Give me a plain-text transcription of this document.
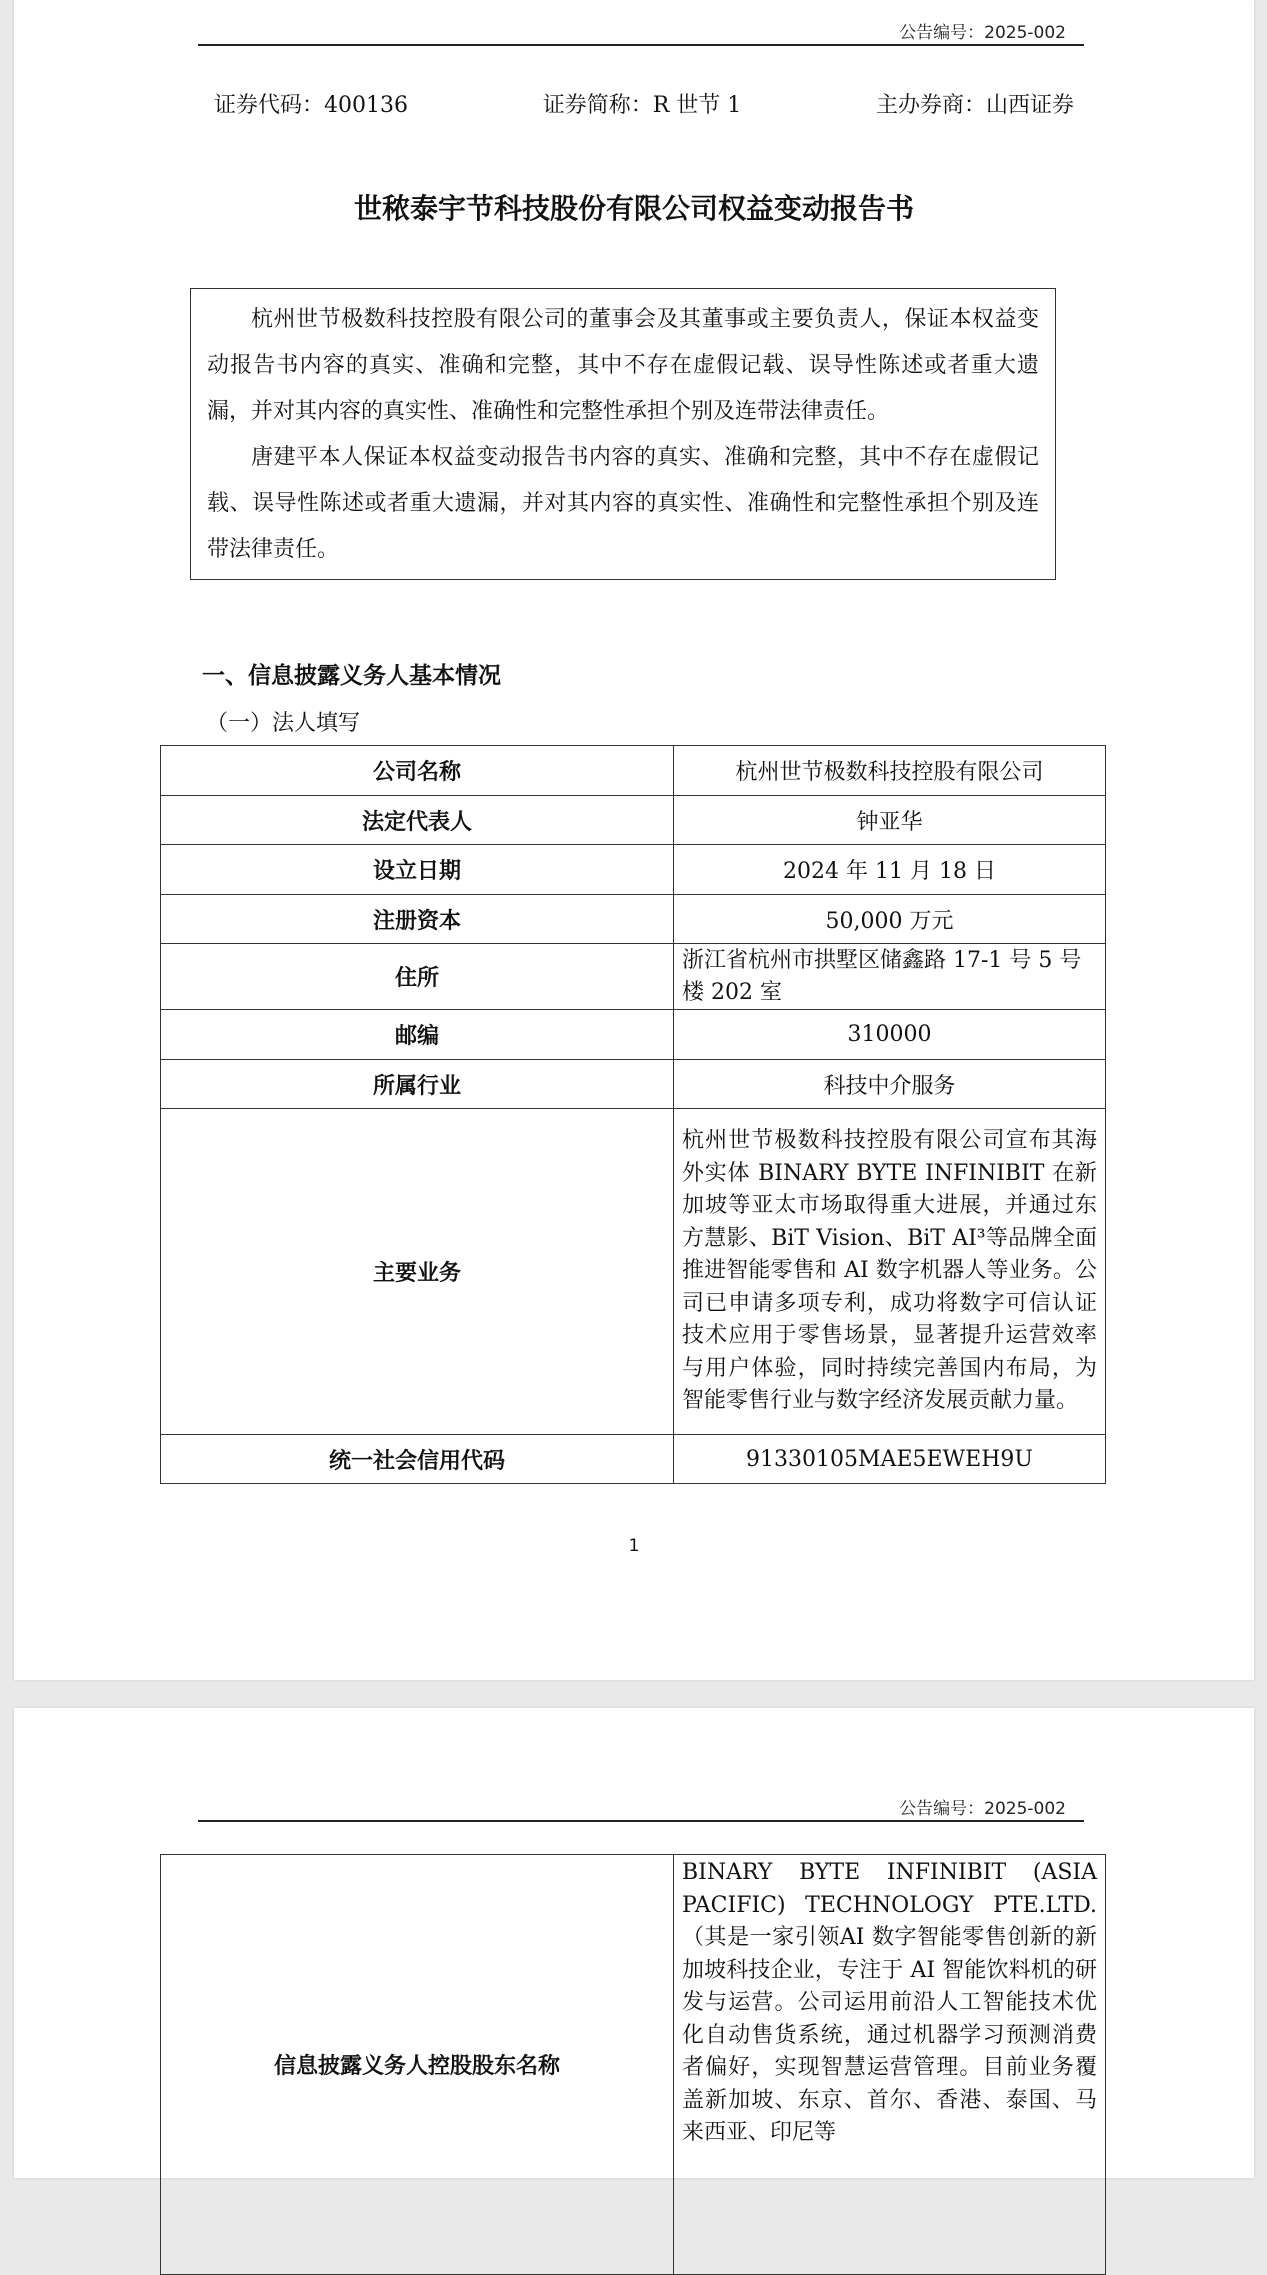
公告编号：2025-002
证券代码：400136	证券简称：R 世节 1	主办券商：山西证券
世秾泰宇节科技股份有限公司权益变动报告书

杭州世节极数科技控股有限公司的董事会及其董事或主要负责人，保证本权益变动报告书内容的真实、准确和完整，其中不存在虚假记载、误导性陈述或者重大遗漏，并对其内容的真实性、准确性和完整性承担个别及连带法律责任。

唐建平本人保证本权益变动报告书内容的真实、准确和完整，其中不存在虚假记载、误导性陈述或者重大遗漏，并对其内容的真实性、准确性和完整性承担个别及连带法律责任。

一、信息披露义务人基本情况
（一）法人填写
公司名称	杭州世节极数科技控股有限公司
法定代表人	钟亚华
设立日期	2024 年 11 月 18 日
注册资本	50,000 万元
住所	浙江省杭州市拱墅区储鑫路 17-1 号 5 号楼 202 室
邮编	310000
所属行业	科技中介服务
主要业务	杭州世节极数科技控股有限公司宣布其海外实体 BINARY BYTE INFINIBIT 在新加坡等亚太市场取得重大进展，并通过东方慧影、BiT Vision、BiT AI³等品牌全面推进智能零售和 AI 数字机器人等业务。公司已申请多项专利，成功将数字可信认证技术应用于零售场景，显著提升运营效率与用户体验，同时持续完善国内布局，为智能零售行业与数字经济发展贡献力量。
统一社会信用代码	91330105MAE5EWEH9U
1
公告编号：2025-002
信息披露义务人控股股东名称	BINARY BYTE INFINIBIT (ASIA PACIFIC) TECHNOLOGY PTE.LTD.（其是一家引领AI 数字智能零售创新的新加坡科技企业，专注于 AI 智能饮料机的研发与运营。公司运用前沿人工智能技术优化自动售货系统，通过机器学习预测消费者偏好，实现智慧运营管理。目前业务覆盖新加坡、东京、首尔、香港、泰国、马来西亚、印尼等
